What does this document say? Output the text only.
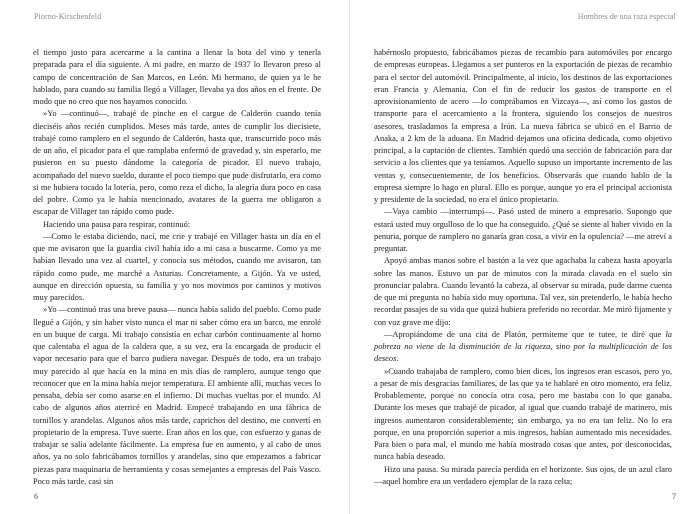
Piorno-Kirschenfeld

el tiempo justo para acercarme a la cantina a llenar la bota del vino y tenerla preparada para el día siguiente. A mi padre, en marzo de 1937 lo llevaron preso al campo de concentración de San Marcos, en León. Mi hermano, de quien ya le he hablado, para cuando su familia llegó a Villager, llevaba ya dos años en el frente. De modo que no creo que nos hayamos conocido.

»Yo —continuó—, trabajé de pinche en el cargue de Calderón cuando tenía dieciséis años recién cumplidos. Meses más tarde, antes de cumplir los diecisiete, trabajé como ramplero en el segundo de Calderón, hasta que, transcurrido poco más de un año, el picador para el que ramplaba enfermó de gravedad y, sin esperarlo, me pusieron en su puesto dándome la categoría de picador. El nuevo trabajo, acompañado del nuevo sueldo, durante el poco tiempo que pude disfrutarlo, era como si me hubiera tocado la lotería, pero, como reza el dicho, la alegría dura poco en casa del pobre. Como ya le había mencionado, avatares de la guerra me obligaron a escapar de Villager tan rápido como pude.

Haciendo una pausa para respirar, continuó:

—Como le estaba diciendo, nací, me crie y trabajé en Villager hasta un día en el que me avisaron que la guardia civil había ido a mi casa a buscarme. Como ya me habían llevado una vez al cuartel, y conocía sus métodos, cuando me avisaron, tan rápido como pude, me marché a Asturias. Concretamente, a Gijón. Ya ve usted, aunque en dirección opuesta, su familia y yo nos movimos por caminos y motivos muy parecidos.

»Yo —continuó tras una breve pausa— nunca había salido del pueblo. Como pude llegué a Gijón, y sin haber visto nunca el mar ni saber cómo era un barco, me enrolé en un buque de carga. Mi trabajo consistía en echar carbón continuamente al horno que calentaba el agua de la caldera que, a su vez, era la encargada de producir el vapor necesario para que el barco pudiera navegar. Después de todo, era un trabajo muy parecido al que hacía en la mina en mis días de ramplero, aunque tengo que reconocer que en la mina había mejor temperatura. El ambiente allí, muchas veces lo pensaba, debía ser como asarse en el infierno. Di muchas vueltas por el mundo. Al cabo de algunos años aterricé en Madrid. Empecé trabajando en una fábrica de tornillos y arandelas. Algunos años más tarde, caprichos del destino, me convertí en propietario de la empresa. Tuve suerte. Eran años en los que, con esfuerzo y ganas de trabajar se salía adelante fácilmente. La empresa fue en aumento, y al cabo de unos años, ya no solo fabricábamos tornillos y arandelas, sino que empezamos a fabricar piezas para maquinaria de herramienta y cosas semejantes a empresas del País Vasco. Poco más tarde, casi sin

6
Hombres de una raza especial

habérnoslo propuesto, fabricábamos piezas de recambio para automóviles por encargo de empresas europeas. Llegamos a ser punteros en la exportación de piezas de recambio para el sector del automóvil. Principalmente, al inicio, los destinos de las exportaciones eran Francia y Alemania. Con el fin de reducir los gastos de transporte en el aprovisionamiento de acero —lo comprábamos en Vizcaya—, así como los gastos de transporte para el acercamiento a la frontera, siguiendo los consejos de nuestros asesores, trasladamos la empresa a Irún. La nueva fábrica se ubicó en el Barrio de Anaka, a 2 km de la aduana. En Madrid dejamos una oficina dedicada, como objetivo principal, a la captación de clientes. También quedó una sección de fabricación para dar servicio a los clientes que ya teníamos. Aquello supuso un importante incremento de las ventas y, consecuentemente, de los beneficios. Observarás que cuando hablo de la empresa siempre lo hago en plural. Ello es porque, aunque yo era el principal accionista y presidente de la sociedad, no era el único propietario.

—Vaya cambio —interrumpí—. Pasó usted de minero a empresario. Supongo que estará usted muy orgulloso de lo que ha conseguido. ¿Qué se siente al haber vivido en la penuria, porque de ramplero no ganaría gran cosa, a vivir en la opulencia? —me atreví a preguntar.

Apoyó ambas manos sobre el bastón a la vez que agachaba la cabeza hasta apoyarla sobre las manos. Estuvo un par de minutos con la mirada clavada en el suelo sin pronunciar palabra. Cuando levantó la cabeza, al observar su mirada, pude darme cuenta de que mi pregunta no había sido muy oportuna. Tal vez, sin pretenderlo, le había hecho recordar pasajes de su vida que quizá hubiera preferido no recordar. Me miró fijamente y con voz grave me dijo:

—Apropiándome de una cita de Platón, permíteme que te tutee, te diré que la pobreza no viene de la disminución de la riqueza, sino por la multiplicación de los deseos.

»Cuando trabajaba de ramplero, como bien dices, los ingresos eran escasos, pero yo, a pesar de mis desgracias familiares, de las que ya te hablaré en otro momento, era feliz. Probablemente, porque no conocía otra cosa, pero me bastaba con lo que ganaba. Durante los meses que trabajé de picador, al igual que cuando trabajé de marinero, mis ingresos aumentaron considerablemente; sin embargo, ya no era tan feliz. No lo era porque, en una proporción superior a mis ingresos, habían aumentado mis necesidades. Para bien o para mal, el mundo me había mostrado cosas que antes, por desconocidas, nunca había deseado.

Hizo una pausa. Su mirada parecía perdida en el horizonte. Sus ojos, de un azul claro —aquel hombre era un verdadero ejemplar de la raza celta;

7
